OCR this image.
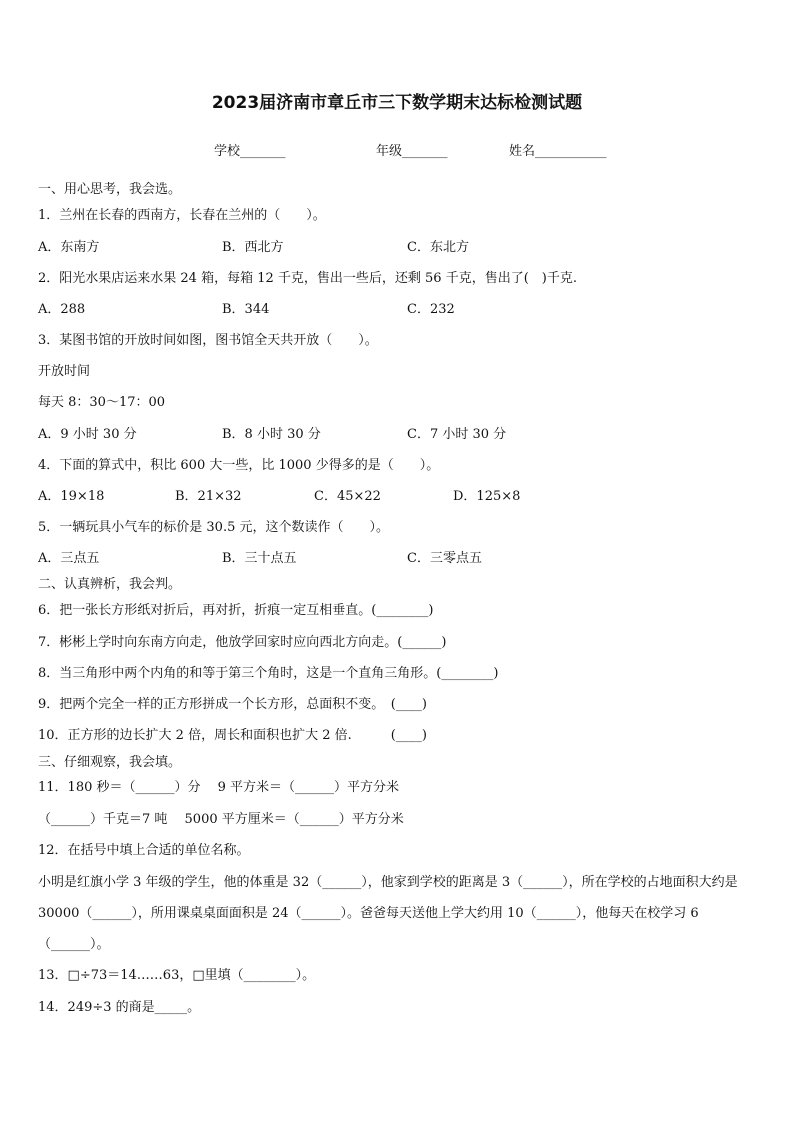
2023届济南市章丘市三下数学期末达标检测试题
学校_______	年级_______	姓名___________
一、用心思考，我会选。
1．兰州在长春的西南方，长春在兰州的（　　）。
A．东南方	B．西北方	C．东北方
2．阳光水果店运来水果 24 箱，每箱 12 千克，售出一些后，还剩 56 千克，售出了(　)千克.
A．288	B．344	C．232
3．某图书馆的开放时间如图，图书馆全天共开放（　　）。
开放时间
每天 8：30～17：00
A．9 小时 30 分	B．8 小时 30 分	C．7 小时 30 分
4．下面的算式中，积比 600 大一些，比 1000 少得多的是（　　）。
A．19×18	B．21×32	C．45×22	D．125×8
5．一辆玩具小气车的标价是 30.5 元，这个数读作（　　）。
A．三点五	B．三十点五	C．三零点五
二、认真辨析，我会判。
6．把一张长方形纸对折后，再对折，折痕一定互相垂直。(________)
7．彬彬上学时向东南方向走，他放学回家时应向西北方向走。(______)
8．当三角形中两个内角的和等于第三个角时，这是一个直角三角形。(________)
9．把两个完全一样的正方形拼成一个长方形，总面积不变。　(____)
10．正方形的边长扩大 2 倍，周长和面积也扩大 2 倍.　　　(____)
三、仔细观察，我会填。
11．180 秒＝（______）分　 9 平方米＝（______）平方分米
（______）千克＝7 吨　 5000 平方厘米＝（______）平方分米
12．在括号中填上合适的单位名称。
小明是红旗小学 3 年级的学生，他的体重是 32（______），他家到学校的距离是 3（______），所在学校的占地面积大约是 30000（______），所用课桌桌面面积是 24（______）。爸爸每天送他上学大约用 10（______），他每天在校学习 6（______）。
13．□÷73＝14……63，□里填（________）。
14．249÷3 的商是_____。
